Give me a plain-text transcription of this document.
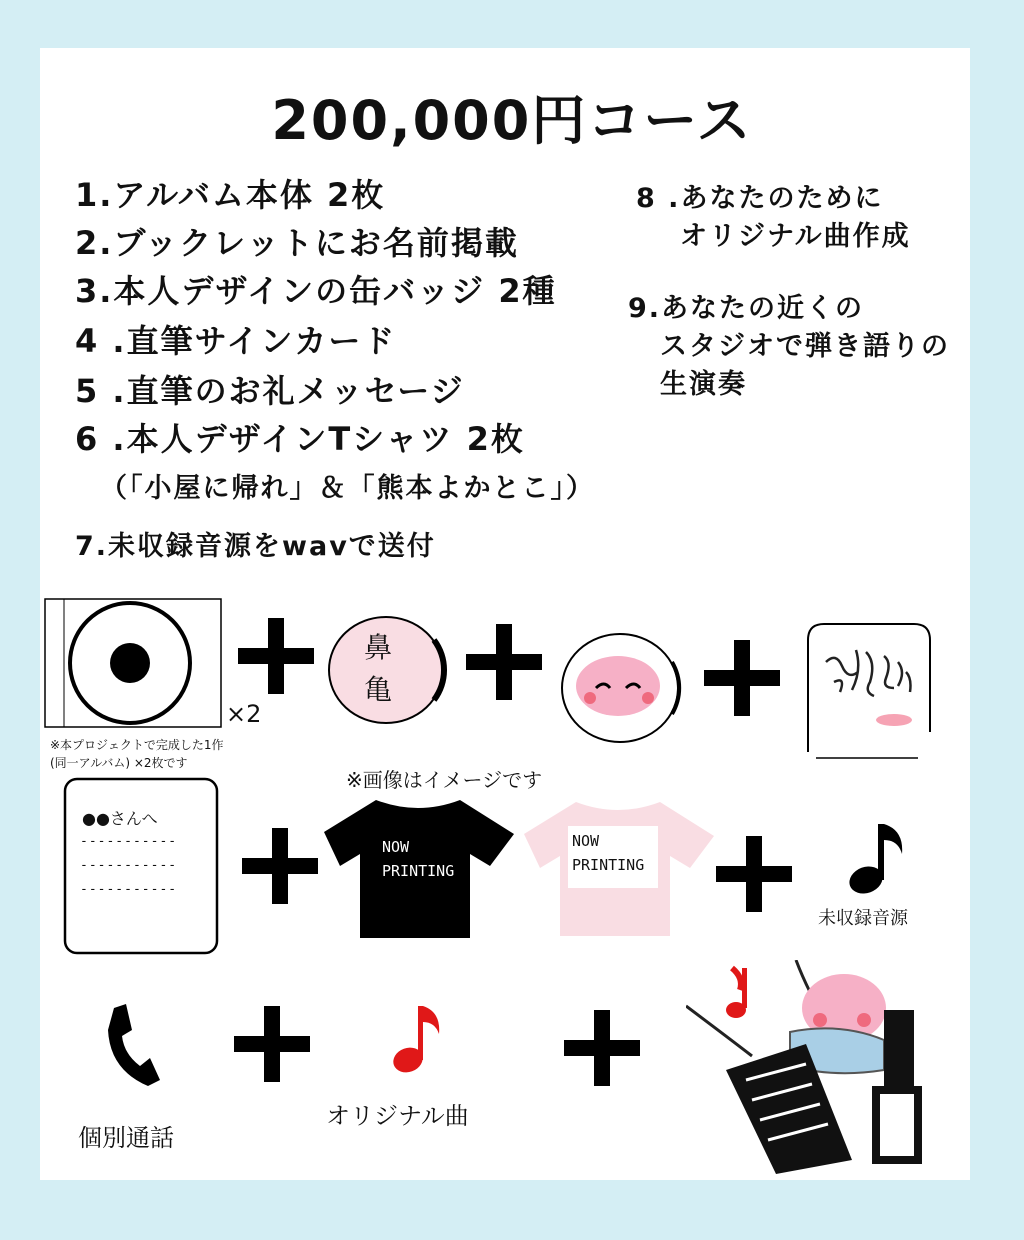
200,000円コース
1.アルバム本体 2枚
2.ブックレットにお名前掲載
3.本人デザインの缶バッジ 2種
4 .直筆サインカード
5 .直筆のお礼メッセージ
6 .本人デザインTシャツ 2枚
（「小屋に帰れ」＆「熊本よかとこ」）
7.未収録音源をwavで送付
8 .あなたのために
オリジナル曲作成
9.あなたの近くの
スタジオで弾き語りの
生演奏
×2
※本プロジェクトで完成した1作
(同一アルバム) ×2枚です
鼻
亀
※画像はイメージです
●●さんへ
-----------
-----------
-----------
NOW
PRINTING
NOW
PRINTING
未収録音源
個別通話
オリジナル曲
